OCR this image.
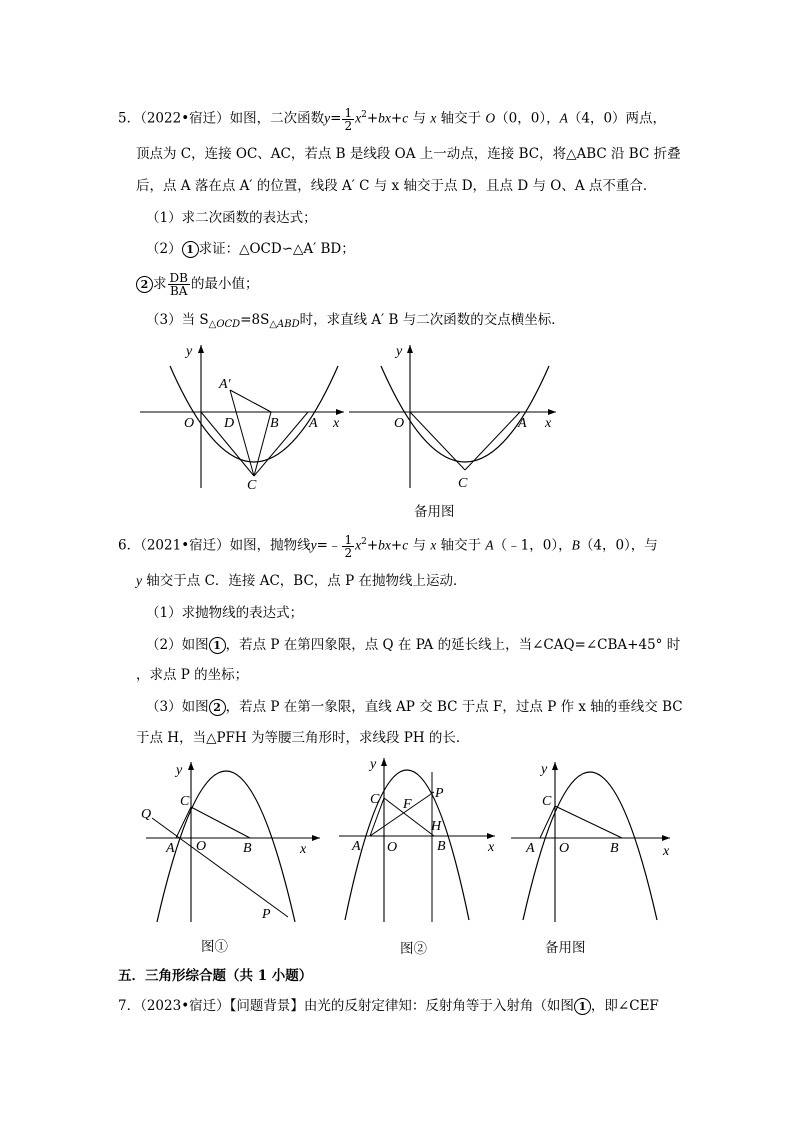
5．（2022•宿迁）如图，二次函数$y= \frac{1}{2} x^2+bx+c$ 与 x 轴交于 O（0，0），A（4，0）两点，
顶点为 C，连接 OC、AC，若点 B 是线段 OA 上一动点，连接 BC，将△ABC 沿 BC 折叠
后，点 A 落在点 A′ 的位置，线段 A′ C 与 x 轴交于点 D，且点 D 与 O、A 点不重合．
（1）求二次函数的表达式；
（2） 1 求证：△OCD∽△A′ BD；
2 求 $\frac{DB}{BA}$ 的最小值；
（3）当 $S_{\triangle OCD}=8S_{\triangle ABD}$时，求直线 A′ B 与二次函数的交点横坐标．
y
O D	B A x
A′
C
y
O	A x
C
备用图
6．（2021•宿迁）如图，抛物线y=﹣ $\frac{1}{2} x^2+bx+c$ 与 x 轴交于 A（﹣1，0），B（4，0），与
y 轴交于点 C．连接 AC，BC，点 P 在抛物线上运动．
（1）求抛物线的表达式；
（2）如图 1 ，若点 P 在第四象限，点 Q 在 PA 的延长线上，当∠CAQ=∠CBA+45° 时
，求点 P 的坐标；
（3）如图 2 ，若点 P 在第一象限，直线 AP 交 BC 于点 F，过点 P 作 x 轴的垂线交 BC
于点 H，当△PFH 为等腰三角形时，求线段 PH 的长．
y
Q
C
A O	B	x
P
y
C F
P
H
A O	B	x
y
C
A O	B	x
图①	图②	备用图
五．三角形综合题（共 1 小题）
7．（2023•宿迁）【问题背景】由光的反射定律知：反射角等于入射角（如图 1 ，即∠CEF
